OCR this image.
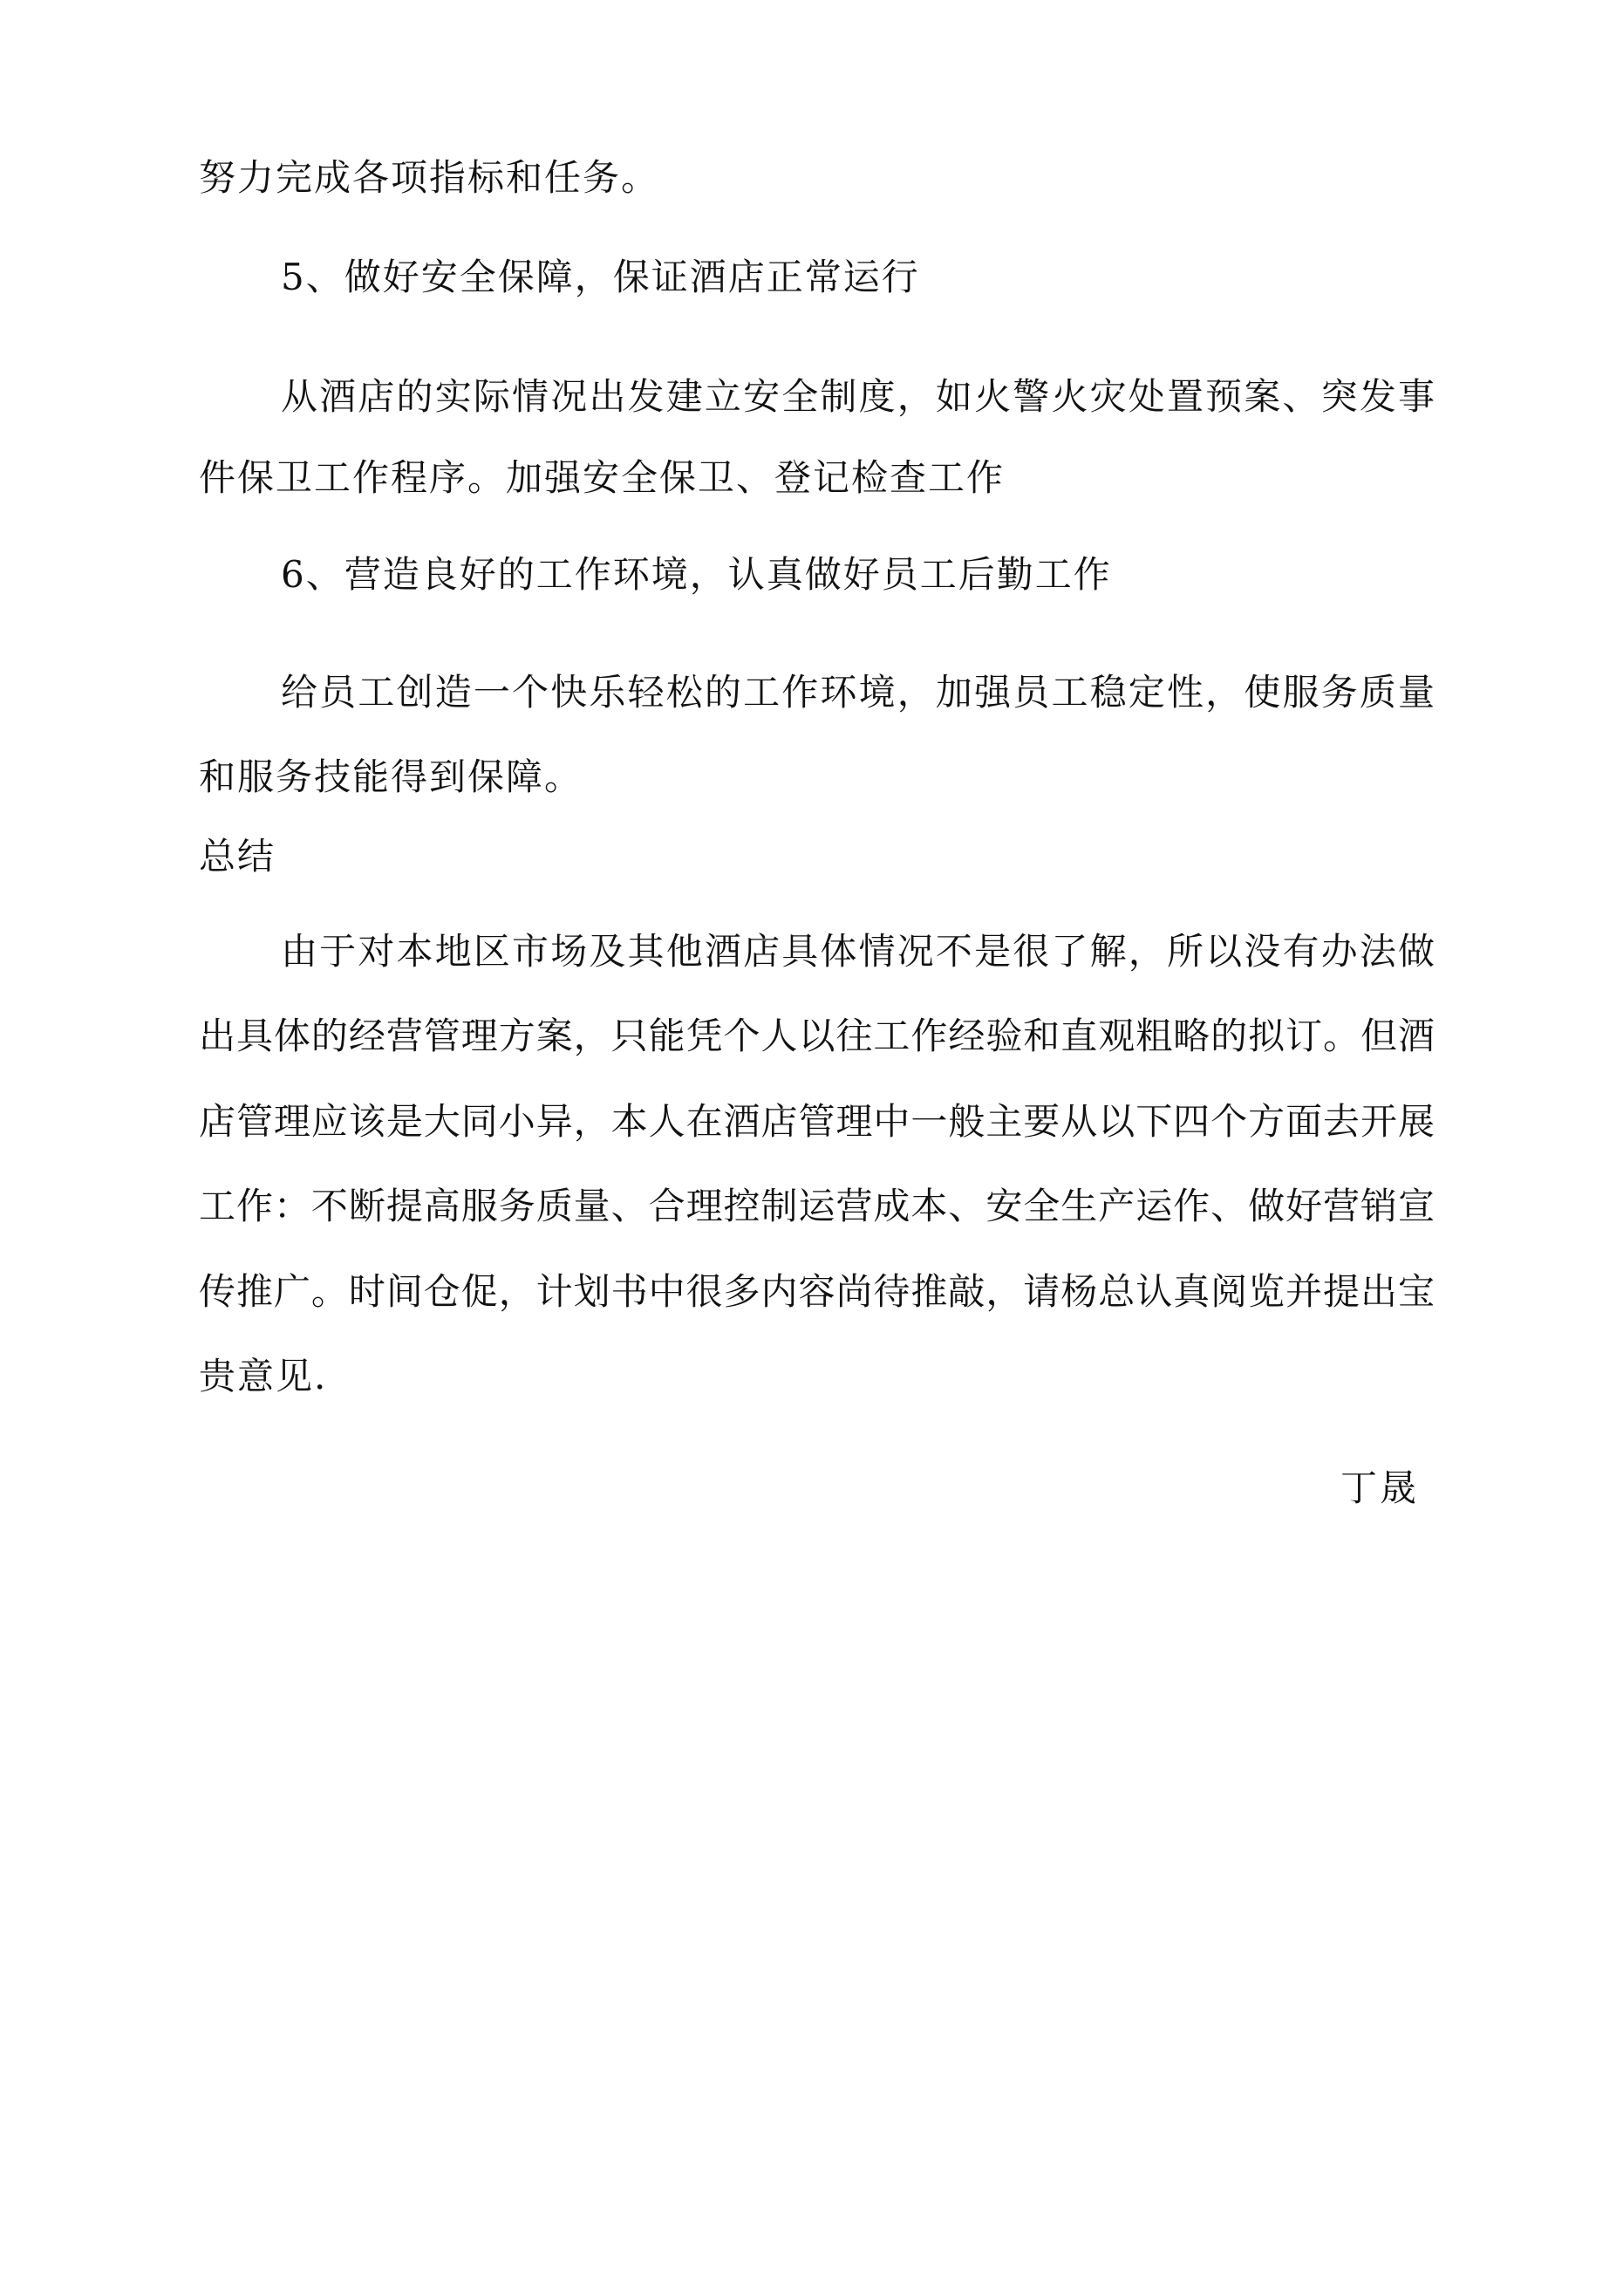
努力完成各项指标和任务。
5、做好安全保障，保证酒店正常运行
从酒店的实际情况出发建立安全制度，如火警火灾处置预案、突发事
件保卫工作程序。加强安全保卫、登记检查工作
6、营造良好的工作环境，认真做好员工后勤工作
给员工创造一个快乐轻松的工作环境，加强员工稳定性，使服务质量
和服务技能得到保障。
总结
由于对本地区市场及其他酒店具体情况不是很了解，所以没有办法做
出具体的经营管理方案，只能凭个人以往工作经验和直观粗略的拟订。但酒
店管理应该是大同小异，本人在酒店管理中一般主要从以下四个方面去开展
工作：不断提高服务质量、合理控制运营成本、安全生产运作、做好营销宣
传推广。时间仓促，计划书中很多内容尚待推敲，请杨总认真阅览并提出宝
贵意见.
丁晟
